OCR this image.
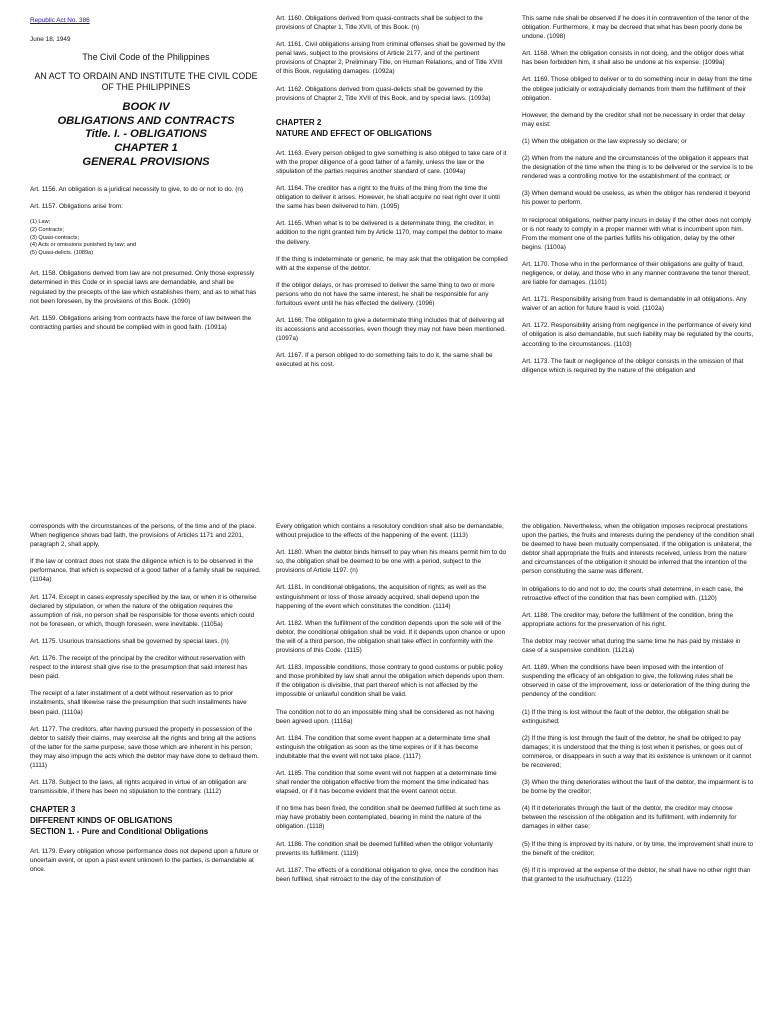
Republic Act No. 386

June 18, 1949

The Civil Code of the Philippines

AN ACT TO ORDAIN AND INSTITUTE THE CIVIL CODE OF THE PHILIPPINES

BOOK IV
OBLIGATIONS AND CONTRACTS
Title. I. - OBLIGATIONS
CHAPTER 1
GENERAL PROVISIONS

Art. 1156. An obligation is a juridical necessity to give, to do or not to do. (n)

Art. 1157. Obligations arise from:

(1) Law;
(2) Contracts;
(3) Quasi-contracts;
(4) Acts or omissions punished by law; and
(5) Quasi-delicts. (1089a)

Art. 1158. Obligations derived from law are not presumed. Only those expressly determined in this Code or in special laws are demandable, and shall be regulated by the precepts of the law which establishes them; and as to what has not been foreseen, by the provisions of this Book. (1090)

Art. 1159. Obligations arising from contracts have the force of law between the contracting parties and should be complied with in good faith. (1091a)

Art. 1160. Obligations derived from quasi-contracts shall be subject to the provisions of Chapter 1, Title XVII, of this Book. (n)

Art. 1161. Civil obligations arising from criminal offenses shall be governed by the penal laws, subject to the provisions of Article 2177, and of the pertinent provisions of Chapter 2, Preliminary Title, on Human Relations, and of Title XVIII of this Book, regulating damages. (1092a)

Art. 1162. Obligations derived from quasi-delicts shall be governed by the provisions of Chapter 2, Title XVII of this Book, and by special laws. (1093a)

CHAPTER 2
NATURE AND EFFECT OF OBLIGATIONS

Art. 1163. Every person obliged to give something is also obliged to take care of it with the proper diligence of a good father of a family, unless the law or the stipulation of the parties requires another standard of care. (1094a)

Art. 1164. The creditor has a right to the fruits of the thing from the time the obligation to deliver it arises. However, he shall acquire no real right over it until the same has been delivered to him. (1095)

Art. 1165. When what is to be delivered is a determinate thing, the creditor, in addition to the right granted him by Article 1170, may compel the debtor to make the delivery.

If the thing is indeterminate or generic, he may ask that the obligation be complied with at the expense of the debtor.

If the obligor delays, or has promised to deliver the same thing to two or more persons who do not have the same interest, he shall be responsible for any fortuitous event until he has effected the delivery. (1096)

Art. 1166. The obligation to give a determinate thing includes that of delivering all its accessions and accessories, even though they may not have been mentioned. (1097a)

Art. 1167. If a person obliged to do something fails to do it, the same shall be executed at his cost.

This same rule shall be observed if he does it in contravention of the tenor of the obligation. Furthermore, it may be decreed that what has been poorly done be undone. (1098)

Art. 1168. When the obligation consists in not doing, and the obligor does what has been forbidden him, it shall also be undone at his expense. (1099a)

Art. 1169. Those obliged to deliver or to do something incur in delay from the time the obligee judicially or extrajudicially demands from them the fulfillment of their obligation.

However, the demand by the creditor shall not be necessary in order that delay may exist:

(1) When the obligation or the law expressly so declare; or

(2) When from the nature and the circumstances of the obligation it appears that the designation of the time when the thing is to be delivered or the service is to be rendered was a controlling motive for the establishment of the contract; or

(3) When demand would be useless, as when the obligor has rendered it beyond his power to perform.

In reciprocal obligations, neither party incurs in delay if the other does not comply or is not ready to comply in a proper manner with what is incumbent upon him. From the moment one of the parties fulfills his obligation, delay by the other begins. (1100a)

Art. 1170. Those who in the performance of their obligations are guilty of fraud, negligence, or delay, and those who in any manner contravene the tenor thereof, are liable for damages. (1101)

Art. 1171. Responsibility arising from fraud is demandable in all obligations. Any waiver of an action for future fraud is void. (1102a)

Art. 1172. Responsibility arising from negligence in the performance of every kind of obligation is also demandable, but such liability may be regulated by the courts, according to the circumstances. (1103)

Art. 1173. The fault or negligence of the obligor consists in the omission of that diligence which is required by the nature of the obligation and

corresponds with the circumstances of the persons, of the time and of the place. When negligence shows bad faith, the provisions of Articles 1171 and 2201, paragraph 2, shall apply.

If the law or contract does not state the diligence which is to be observed in the performance, that which is expected of a good father of a family shall be required. (1104a)

Art. 1174. Except in cases expressly specified by the law, or when it is otherwise declared by stipulation, or when the nature of the obligation requires the assumption of risk, no person shall be responsible for those events which could not be foreseen, or which, though foreseen, were inevitable. (1105a)

Art. 1175. Usurious transactions shall be governed by special laws. (n)

Art. 1176. The receipt of the principal by the creditor without reservation with respect to the interest shall give rise to the presumption that said interest has been paid.

The receipt of a later installment of a debt without reservation as to prior installments, shall likewise raise the presumption that such installments have been paid. (1110a)

Art. 1177. The creditors, after having pursued the property in possession of the debtor to satisfy their claims, may exercise all the rights and bring all the actions of the latter for the same purpose, save those which are inherent in his person; they may also impugn the acts which the debtor may have done to defraud them. (1111)

Art. 1178. Subject to the laws, all rights acquired in virtue of an obligation are transmissible, if there has been no stipulation to the contrary. (1112)

CHAPTER 3
DIFFERENT KINDS OF OBLIGATIONS
SECTION 1. - Pure and Conditional Obligations

Art. 1179. Every obligation whose performance does not depend upon a future or uncertain event, or upon a past event unknown to the parties, is demandable at once.

Every obligation which contains a resolutory condition shall also be demandable, without prejudice to the effects of the happening of the event. (1113)

Art. 1180. When the debtor binds himself to pay when his means permit him to do so, the obligation shall be deemed to be one with a period, subject to the provisions of Article 1197. (n)

Art. 1181. In conditional obligations, the acquisition of rights, as well as the extinguishment or loss of those already acquired, shall depend upon the happening of the event which constitutes the condition. (1114)

Art. 1182. When the fulfillment of the condition depends upon the sole will of the debtor, the conditional obligation shall be void. If it depends upon chance or upon the will of a third person, the obligation shall take effect in conformity with the provisions of this Code. (1115)

Art. 1183. Impossible conditions, those contrary to good customs or public policy and those prohibited by law shall annul the obligation which depends upon them. If the obligation is divisible, that part thereof which is not affected by the impossible or unlawful condition shall be valid.

The condition not to do an impossible thing shall be considered as not having been agreed upon. (1116a)

Art. 1184. The condition that some event happen at a determinate time shall extinguish the obligation as soon as the time expires or if it has become indubitable that the event will not take place. (1117)

Art. 1185. The condition that some event will not happen at a determinate time shall render the obligation effective from the moment the time indicated has elapsed, or if it has become evident that the event cannot occur.

If no time has been fixed, the condition shall be deemed fulfilled at such time as may have probably been contemplated, bearing in mind the nature of the obligation. (1118)

Art. 1186. The condition shall be deemed fulfilled when the obligor voluntarily prevents its fulfillment. (1119)

Art. 1187. The effects of a conditional obligation to give, once the condition has been fulfilled, shall retroact to the day of the constitution of

the obligation. Nevertheless, when the obligation imposes reciprocal prestations upon the parties, the fruits and interests during the pendency of the condition shall be deemed to have been mutually compensated. If the obligation is unilateral, the debtor shall appropriate the fruits and interests received, unless from the nature and circumstances of the obligation it should be inferred that the intention of the person constituting the same was different.

In obligations to do and not to do, the courts shall determine, in each case, the retroactive effect of the condition that has been complied with. (1120)

Art. 1188. The creditor may, before the fulfillment of the condition, bring the appropriate actions for the preservation of his right.

The debtor may recover what during the same time he has paid by mistake in case of a suspensive condition. (1121a)

Art. 1189. When the conditions have been imposed with the intention of suspending the efficacy of an obligation to give, the following rules shall be observed in case of the improvement, loss or deterioration of the thing during the pendency of the condition:

(1) If the thing is lost without the fault of the debtor, the obligation shall be extinguished;

(2) If the thing is lost through the fault of the debtor, he shall be obliged to pay damages; it is understood that the thing is lost when it perishes, or goes out of commerce, or disappears in such a way that its existence is unknown or it cannot be recovered;

(3) When the thing deteriorates without the fault of the debtor, the impairment is to be borne by the creditor;

(4) If it deteriorates through the fault of the debtor, the creditor may choose between the rescission of the obligation and its fulfillment, with indemnity for damages in either case;

(5) If the thing is improved by its nature, or by time, the improvement shall inure to the benefit of the creditor;

(6) If it is improved at the expense of the debtor, he shall have no other right than that granted to the usufructuary. (1122)
